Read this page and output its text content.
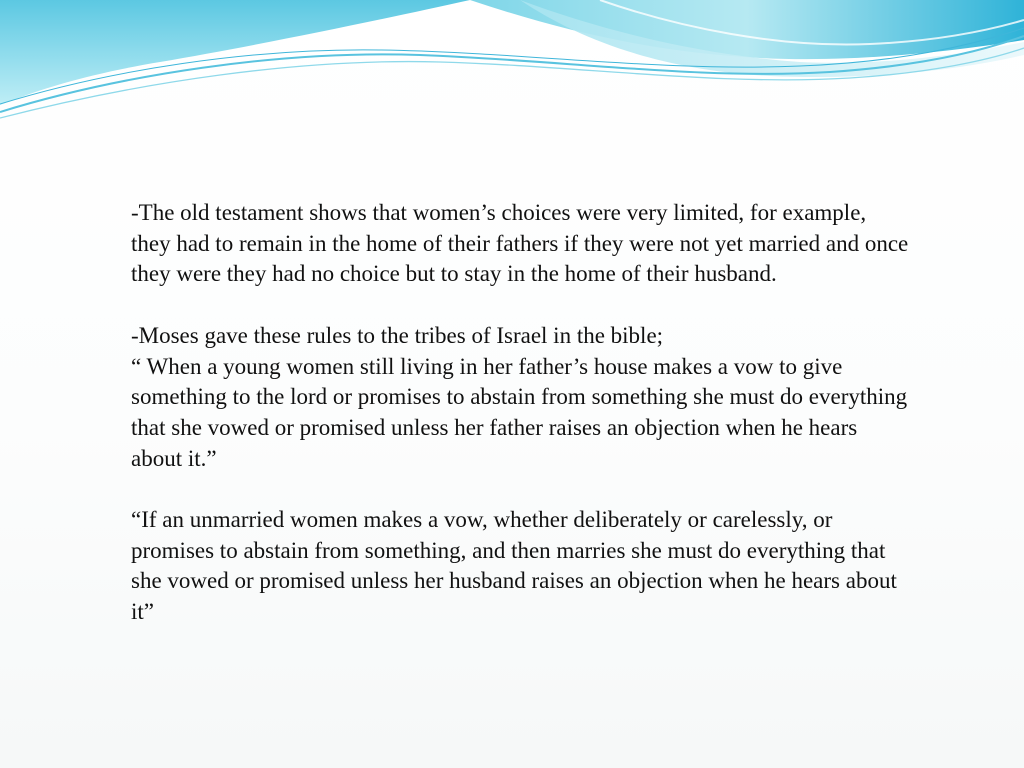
-The old testament shows that women’s choices were very limited, for example, they had to remain in the home of their fathers if they were not yet married and once they were they had no choice but to stay in the home of their husband.

-Moses gave these rules to the tribes of Israel in the bible;
“ When a young women still living in her father’s house makes a vow to give something to the lord or promises to abstain from something she must do everything that she vowed or promised unless her father raises an objection when he hears about it.”

“If an unmarried women makes a vow, whether deliberately or carelessly, or promises to abstain from something, and then marries she must do everything that she vowed or promised unless her husband raises an objection when he hears about it”
